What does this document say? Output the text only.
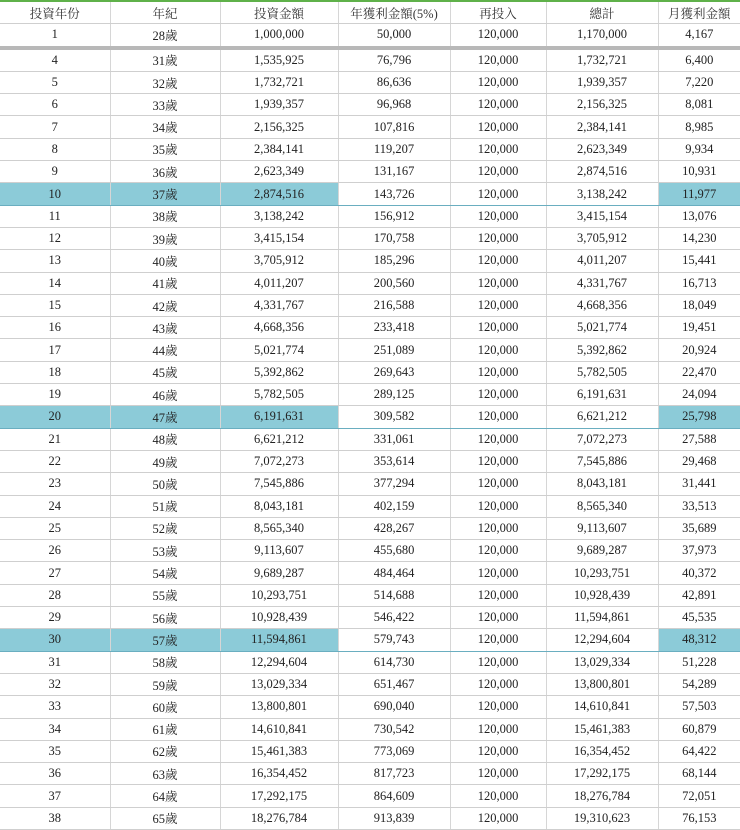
投資年份	年紀	投資金額	年獲利金額(5%)	再投入	總計	月獲利金額
1	28歲	1,000,000	50,000	120,000	1,170,000	4,167
4	31歲	1,535,925	76,796	120,000	1,732,721	6,400
5	32歲	1,732,721	86,636	120,000	1,939,357	7,220
6	33歲	1,939,357	96,968	120,000	2,156,325	8,081
7	34歲	2,156,325	107,816	120,000	2,384,141	8,985
8	35歲	2,384,141	119,207	120,000	2,623,349	9,934
9	36歲	2,623,349	131,167	120,000	2,874,516	10,931
10	37歲	2,874,516	143,726	120,000	3,138,242	11,977
11	38歲	3,138,242	156,912	120,000	3,415,154	13,076
12	39歲	3,415,154	170,758	120,000	3,705,912	14,230
13	40歲	3,705,912	185,296	120,000	4,011,207	15,441
14	41歲	4,011,207	200,560	120,000	4,331,767	16,713
15	42歲	4,331,767	216,588	120,000	4,668,356	18,049
16	43歲	4,668,356	233,418	120,000	5,021,774	19,451
17	44歲	5,021,774	251,089	120,000	5,392,862	20,924
18	45歲	5,392,862	269,643	120,000	5,782,505	22,470
19	46歲	5,782,505	289,125	120,000	6,191,631	24,094
20	47歲	6,191,631	309,582	120,000	6,621,212	25,798
21	48歲	6,621,212	331,061	120,000	7,072,273	27,588
22	49歲	7,072,273	353,614	120,000	7,545,886	29,468
23	50歲	7,545,886	377,294	120,000	8,043,181	31,441
24	51歲	8,043,181	402,159	120,000	8,565,340	33,513
25	52歲	8,565,340	428,267	120,000	9,113,607	35,689
26	53歲	9,113,607	455,680	120,000	9,689,287	37,973
27	54歲	9,689,287	484,464	120,000	10,293,751	40,372
28	55歲	10,293,751	514,688	120,000	10,928,439	42,891
29	56歲	10,928,439	546,422	120,000	11,594,861	45,535
30	57歲	11,594,861	579,743	120,000	12,294,604	48,312
31	58歲	12,294,604	614,730	120,000	13,029,334	51,228
32	59歲	13,029,334	651,467	120,000	13,800,801	54,289
33	60歲	13,800,801	690,040	120,000	14,610,841	57,503
34	61歲	14,610,841	730,542	120,000	15,461,383	60,879
35	62歲	15,461,383	773,069	120,000	16,354,452	64,422
36	63歲	16,354,452	817,723	120,000	17,292,175	68,144
37	64歲	17,292,175	864,609	120,000	18,276,784	72,051
38	65歲	18,276,784	913,839	120,000	19,310,623	76,153
